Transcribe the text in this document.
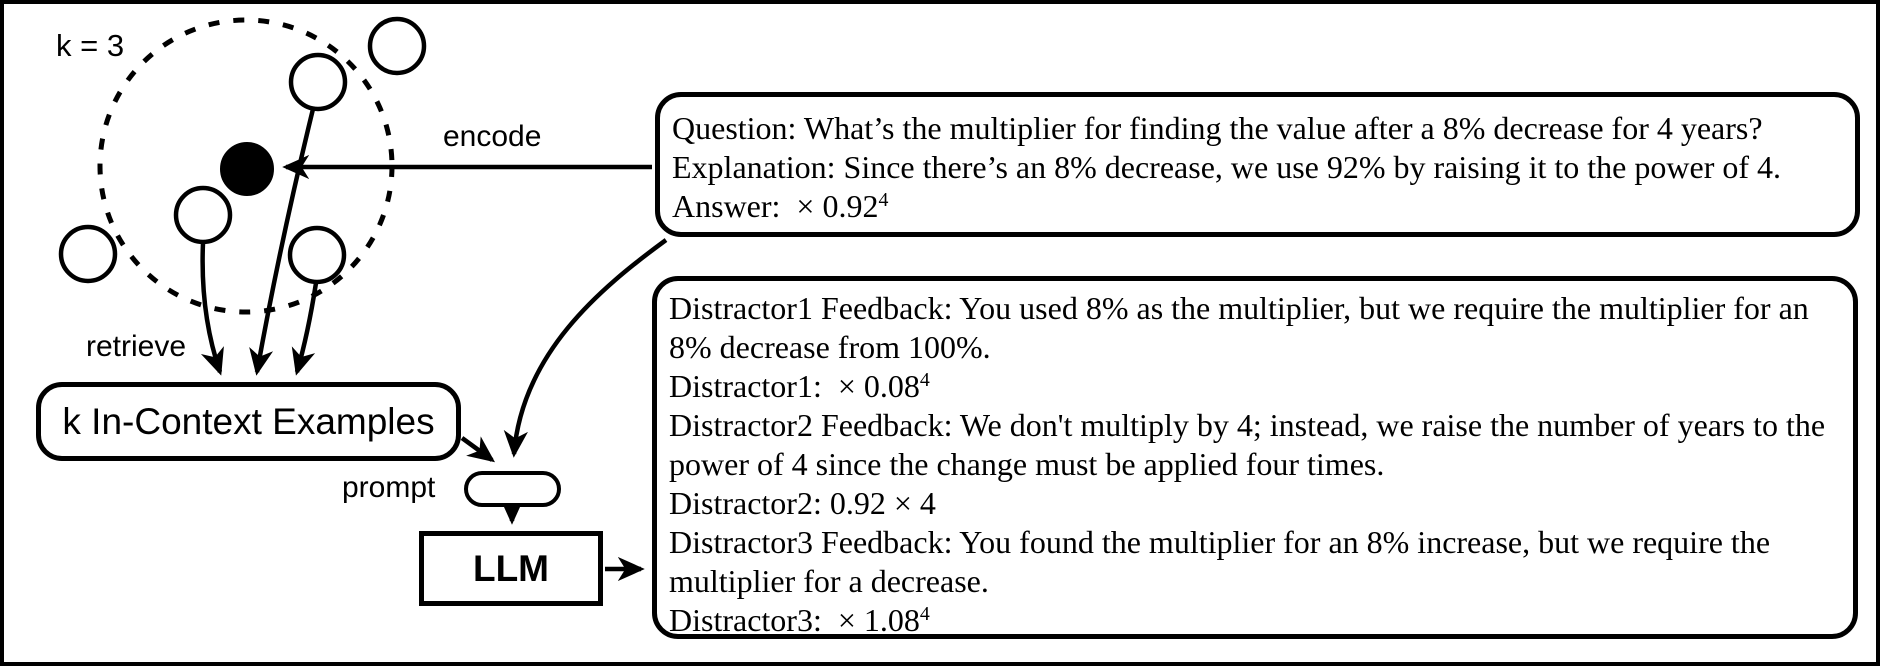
k = 3
encode
retrieve
prompt
k In-Context Examples
LLM
Question: What’s the multiplier for finding the value after a 8% decrease for 4 years?
Explanation: Since there’s an 8% decrease, we use 92% by raising it to the power of 4.
Answer:  × $0.92^4$
Distractor1 Feedback: You used 8% as the multiplier, but we require the multiplier for an
8% decrease from 100%.
Distractor1:  × $0.08^4$
Distractor2 Feedback: We don't multiply by 4; instead, we raise the number of years to the
power of 4 since the change must be applied four times.
Distractor2: 0.92 × 4
Distractor3 Feedback: You found the multiplier for an 8% increase, but we require the
multiplier for a decrease.
Distractor3:  × $1.08^4$
